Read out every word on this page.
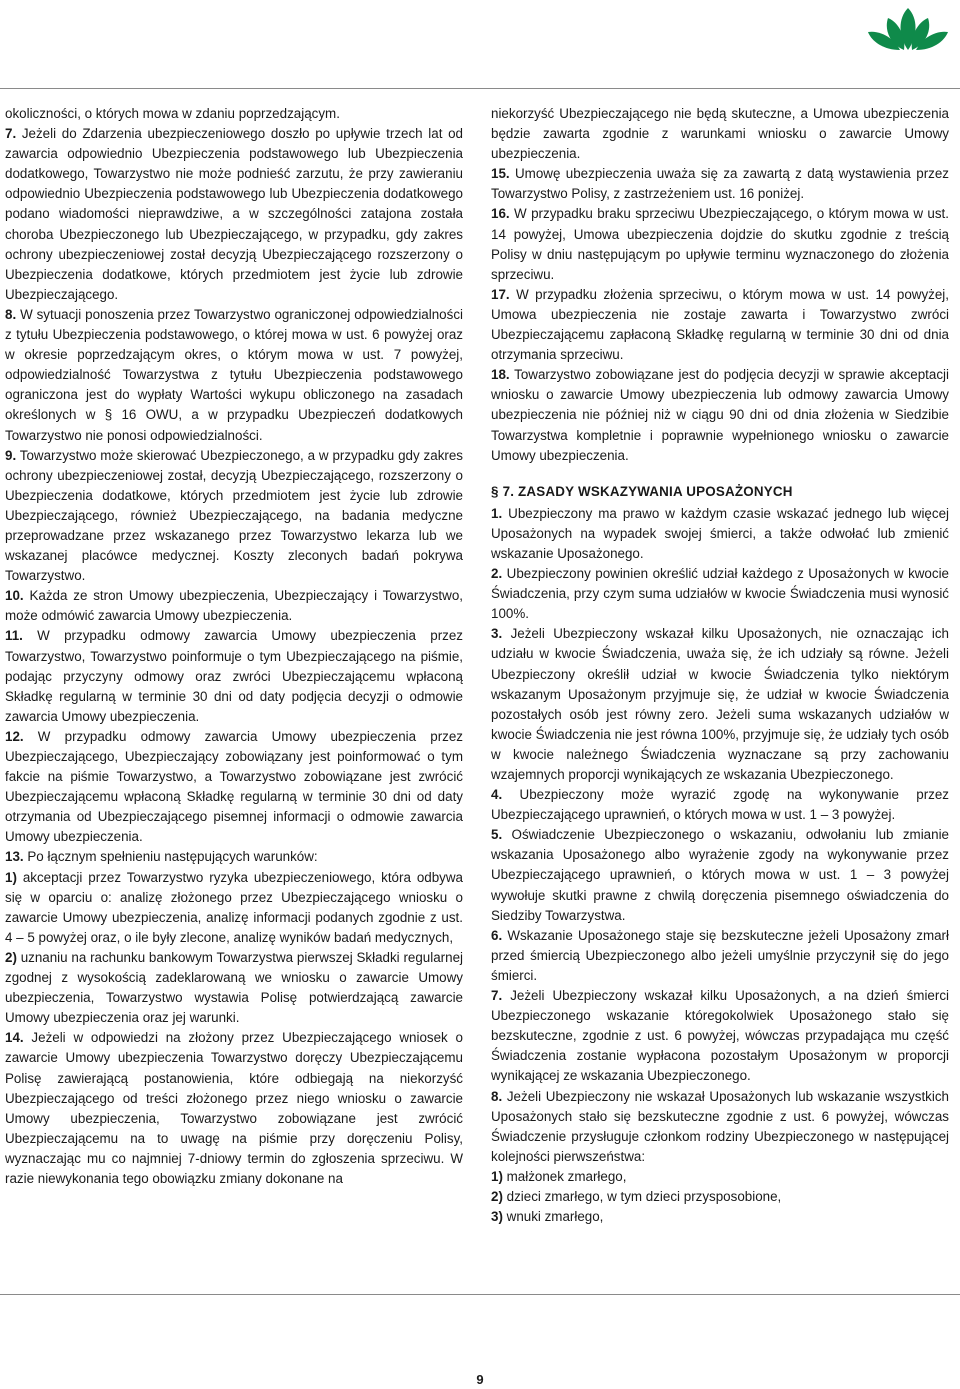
okoliczności, o których mowa w zdaniu poprzedzającym.

7. Jeżeli do Zdarzenia ubezpieczeniowego doszło po upływie trzech lat od zawarcia odpowiednio Ubezpieczenia podstawowego lub Ubezpieczenia dodatkowego, Towarzystwo nie może podnieść zarzutu, że przy zawieraniu odpowiednio Ubezpieczenia podstawowego lub Ubezpieczenia dodatkowego podano wiadomości nieprawdziwe, a w szczególności zatajona została choroba Ubezpieczonego lub Ubezpieczającego, w przypadku, gdy zakres ochrony ubezpieczeniowej został decyzją Ubezpieczającego rozszerzony o Ubezpieczenia dodatkowe, których przedmiotem jest życie lub zdrowie Ubezpieczającego.

8. W sytuacji ponoszenia przez Towarzystwo ograniczonej odpowiedzialności z tytułu Ubezpieczenia podstawowego, o której mowa w ust. 6 powyżej oraz w okresie poprzedzającym okres, o którym mowa w ust. 7 powyżej, odpowiedzialność Towarzystwa z tytułu Ubezpieczenia podstawowego ograniczona jest do wypłaty Wartości wykupu obliczonego na zasadach określonych w § 16 OWU, a w przypadku Ubezpieczeń dodatkowych Towarzystwo nie ponosi odpowiedzialności.

9. Towarzystwo może skierować Ubezpieczonego, a w przypadku gdy zakres ochrony ubezpieczeniowej został, decyzją Ubezpieczającego, rozszerzony o Ubezpieczenia dodatkowe, których przedmiotem jest życie lub zdrowie Ubezpieczającego, również Ubezpieczającego, na badania medyczne przeprowadzane przez wskazanego przez Towarzystwo lekarza lub we wskazanej placówce medycznej. Koszty zleconych badań pokrywa Towarzystwo.

10. Każda ze stron Umowy ubezpieczenia, Ubezpieczający i Towarzystwo, może odmówić zawarcia Umowy ubezpieczenia.

11. W przypadku odmowy zawarcia Umowy ubezpieczenia przez Towarzystwo, Towarzystwo poinformuje o tym Ubezpieczającego na piśmie, podając przyczyny odmowy oraz zwróci Ubezpieczającemu wpłaconą Składkę regularną w terminie 30 dni od daty podjęcia decyzji o odmowie zawarcia Umowy ubezpieczenia.

12. W przypadku odmowy zawarcia Umowy ubezpieczenia przez Ubezpieczającego, Ubezpieczający zobowiązany jest poinformować o tym fakcie na piśmie Towarzystwo, a Towarzystwo zobowiązane jest zwrócić Ubezpieczającemu wpłaconą Składkę regularną w terminie 30 dni od daty otrzymania od Ubezpieczającego pisemnej informacji o odmowie zawarcia Umowy ubezpieczenia.

13. Po łącznym spełnieniu następujących warunków:

1) akceptacji przez Towarzystwo ryzyka ubezpieczeniowego, która odbywa się w oparciu o: analizę złożonego przez Ubezpieczającego wniosku o zawarcie Umowy ubezpieczenia, analizę informacji podanych zgodnie z ust. 4 – 5 powyżej oraz, o ile były zlecone, analizę wyników badań medycznych,

2) uznaniu na rachunku bankowym Towarzystwa pierwszej Składki regularnej zgodnej z wysokością zadeklarowaną we wniosku o zawarcie Umowy ubezpieczenia, Towarzystwo wystawia Polisę potwierdzającą zawarcie Umowy ubezpieczenia oraz jej warunki.

14. Jeżeli w odpowiedzi na złożony przez Ubezpieczającego wniosek o zawarcie Umowy ubezpieczenia Towarzystwo doręczy Ubezpieczającemu Polisę zawierającą postanowienia, które odbiegają na niekorzyść Ubezpieczającego od treści złożonego przez niego wniosku o zawarcie Umowy ubezpieczenia, Towarzystwo zobowiązane jest zwrócić Ubezpieczającemu na to uwagę na piśmie przy doręczeniu Polisy, wyznaczając mu co najmniej 7-dniowy termin do zgłoszenia sprzeciwu. W razie niewykonania tego obowiązku zmiany dokonane na

niekorzyść Ubezpieczającego nie będą skuteczne, a Umowa ubezpieczenia będzie zawarta zgodnie z warunkami wniosku o zawarcie Umowy ubezpieczenia.

15. Umowę ubezpieczenia uważa się za zawartą z datą wystawienia przez Towarzystwo Polisy, z zastrzeżeniem ust. 16 poniżej.

16. W przypadku braku sprzeciwu Ubezpieczającego, o którym mowa w ust. 14 powyżej, Umowa ubezpieczenia dojdzie do skutku zgodnie z treścią Polisy w dniu następującym po upływie terminu wyznaczonego do złożenia sprzeciwu.

17. W przypadku złożenia sprzeciwu, o którym mowa w ust. 14 powyżej, Umowa ubezpieczenia nie zostaje zawarta i Towarzystwo zwróci Ubezpieczającemu zapłaconą Składkę regularną w terminie 30 dni od dnia otrzymania sprzeciwu.

18. Towarzystwo zobowiązane jest do podjęcia decyzji w sprawie akceptacji wniosku o zawarcie Umowy ubezpieczenia lub odmowy zawarcia Umowy ubezpieczenia nie później niż w ciągu 90 dni od dnia złożenia w Siedzibie Towarzystwa kompletnie i poprawnie wypełnionego wniosku o zawarcie Umowy ubezpieczenia.

§ 7. ZASADY WSKAZYWANIA UPOSAŻONYCH

1. Ubezpieczony ma prawo w każdym czasie wskazać jednego lub więcej Uposażonych na wypadek swojej śmierci, a także odwołać lub zmienić wskazanie Uposażonego.

2. Ubezpieczony powinien określić udział każdego z Uposażonych w kwocie Świadczenia, przy czym suma udziałów w kwocie Świadczenia musi wynosić 100%.

3. Jeżeli Ubezpieczony wskazał kilku Uposażonych, nie oznaczając ich udziału w kwocie Świadczenia, uważa się, że ich udziały są równe. Jeżeli Ubezpieczony określił udział w kwocie Świadczenia tylko niektórym wskazanym Uposażonym przyjmuje się, że udział w kwocie Świadczenia pozostałych osób jest równy zero. Jeżeli suma wskazanych udziałów w kwocie Świadczenia nie jest równa 100%, przyjmuje się, że udziały tych osób w kwocie należnego Świadczenia wyznaczane są przy zachowaniu wzajemnych proporcji wynikających ze wskazania Ubezpieczonego.

4. Ubezpieczony może wyrazić zgodę na wykonywanie przez Ubezpieczającego uprawnień, o których mowa w ust. 1 – 3 powyżej.

5. Oświadczenie Ubezpieczonego o wskazaniu, odwołaniu lub zmianie wskazania Uposażonego albo wyrażenie zgody na wykonywanie przez Ubezpieczającego uprawnień, o których mowa w ust. 1 – 3 powyżej wywołuje skutki prawne z chwilą doręczenia pisemnego oświadczenia do Siedziby Towarzystwa.

6. Wskazanie Uposażonego staje się bezskuteczne jeżeli Uposażony zmarł przed śmiercią Ubezpieczonego albo jeżeli umyślnie przyczynił się do jego śmierci.

7. Jeżeli Ubezpieczony wskazał kilku Uposażonych, a na dzień śmierci Ubezpieczonego wskazanie któregokolwiek Uposażonego stało się bezskuteczne, zgodnie z ust. 6 powyżej, wówczas przypadająca mu część Świadczenia zostanie wypłacona pozostałym Uposażonym w proporcji wynikającej ze wskazania Ubezpieczonego.

8. Jeżeli Ubezpieczony nie wskazał Uposażonych lub wskazanie wszystkich Uposażonych stało się bezskuteczne zgodnie z ust. 6 powyżej, wówczas Świadczenie przysługuje członkom rodziny Ubezpieczonego w następującej kolejności pierwszeństwa:

1) małżonek zmarłego,

2) dzieci zmarłego, w tym dzieci przysposobione,

3) wnuki zmarłego,

9
